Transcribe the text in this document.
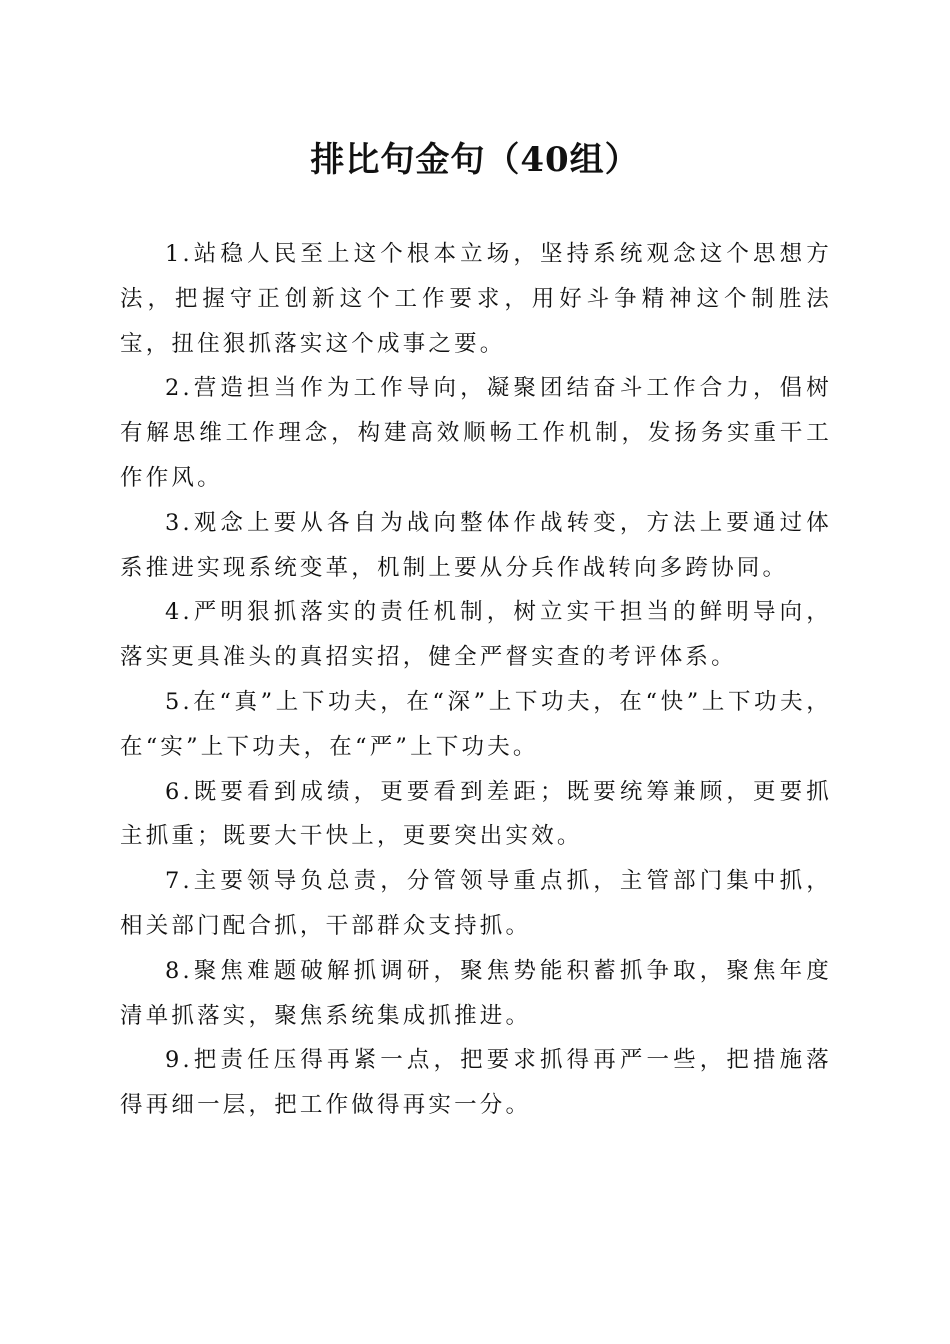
排比句金句（40组）

1.站稳人民至上这个根本立场，坚持系统观念这个思想方法，把握守正创新这个工作要求，用好斗争精神这个制胜法宝，扭住狠抓落实这个成事之要。

2.营造担当作为工作导向，凝聚团结奋斗工作合力，倡树有解思维工作理念，构建高效顺畅工作机制，发扬务实重干工作作风。

3.观念上要从各自为战向整体作战转变，方法上要通过体系推进实现系统变革，机制上要从分兵作战转向多跨协同。

4.严明狠抓落实的责任机制，树立实干担当的鲜明导向，落实更具准头的真招实招，健全严督实查的考评体系。

5.在“真”上下功夫，在“深”上下功夫，在“快”上下功夫，在“实”上下功夫，在“严”上下功夫。

6.既要看到成绩，更要看到差距；既要统筹兼顾，更要抓主抓重；既要大干快上，更要突出实效。

7.主要领导负总责，分管领导重点抓，主管部门集中抓，相关部门配合抓，干部群众支持抓。

8.聚焦难题破解抓调研，聚焦势能积蓄抓争取，聚焦年度清单抓落实，聚焦系统集成抓推进。

9.把责任压得再紧一点，把要求抓得再严一些，把措施落得再细一层，把工作做得再实一分。
